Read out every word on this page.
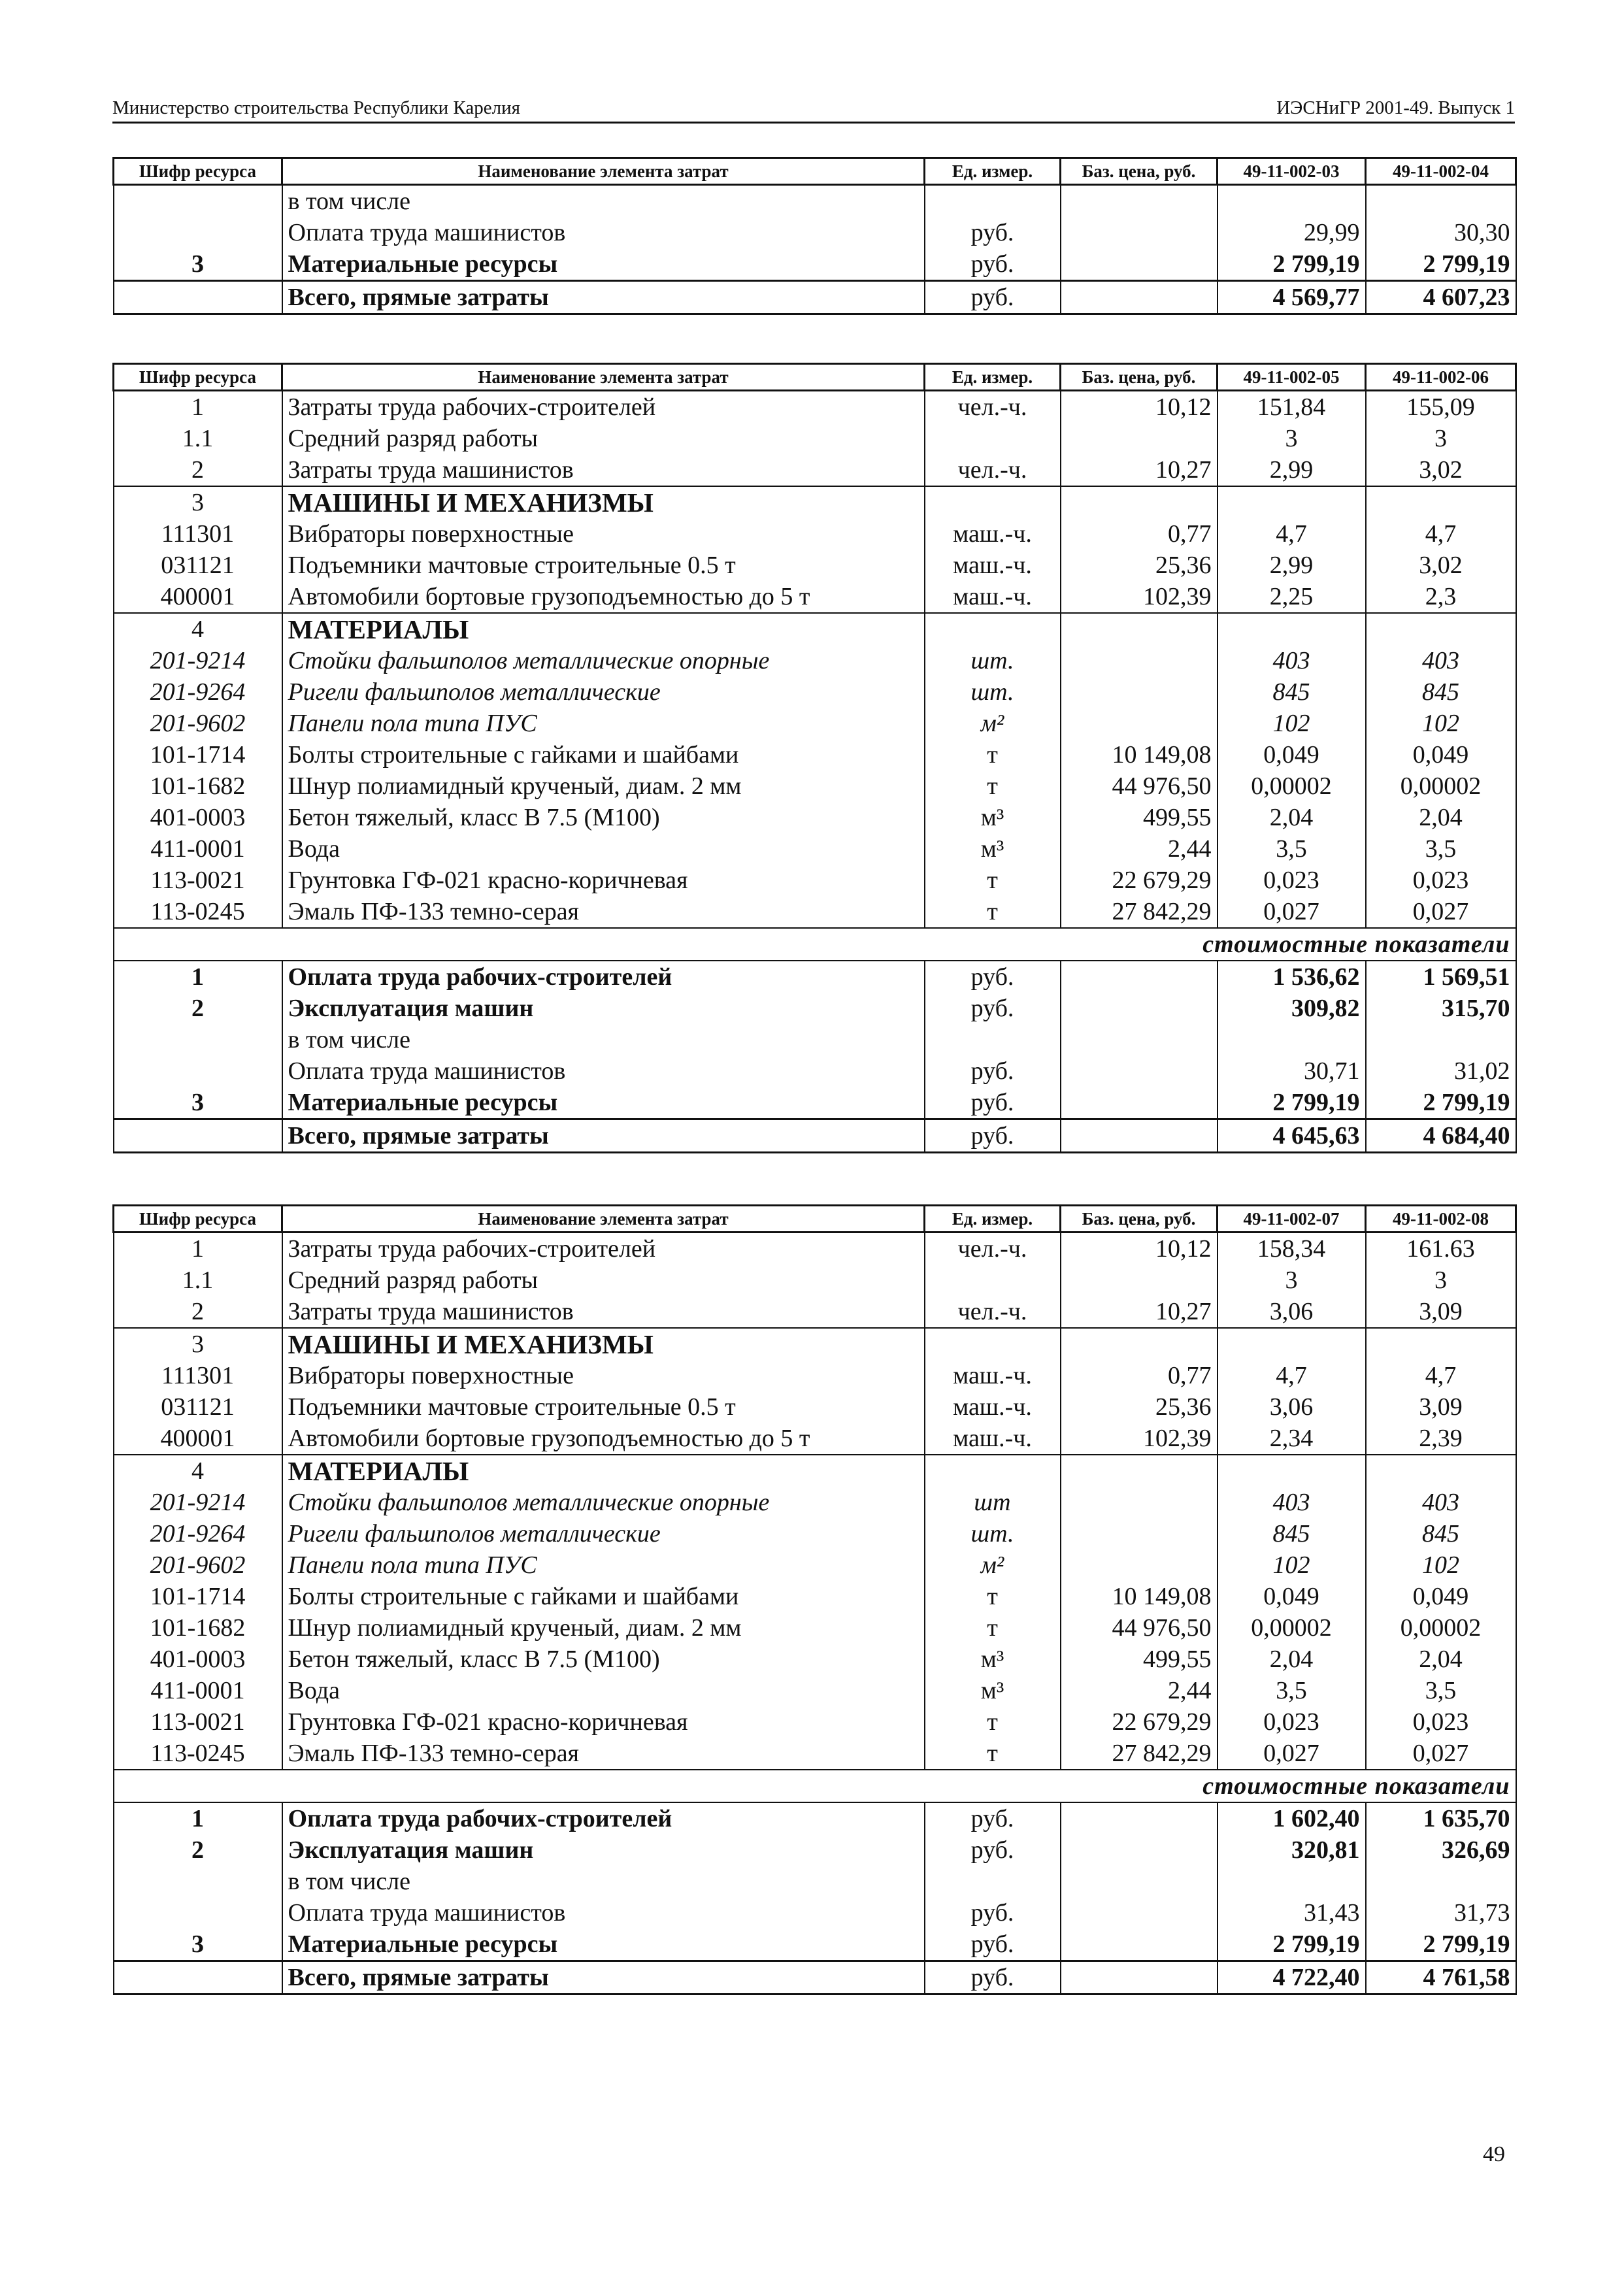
Министерство строительства Республики Карелия	ИЭСНиГР 2001-49. Выпуск 1
Шифр ресурса	Наименование элемента затрат	Ед. измер.	Баз. цена, руб.	49-11-002-03	49-11-002-04
	в том числе				
	Оплата труда машинистов	руб.		29,99	30,30
3	Материальные ресурсы	руб.		2 799,19	2 799,19
	Всего, прямые затраты	руб.		4 569,77	4 607,23
Шифр ресурса	Наименование элемента затрат	Ед. измер.	Баз. цена, руб.	49-11-002-05	49-11-002-06
1	Затраты труда рабочих-строителей	чел.-ч.	10,12	151,84	155,09
1.1	Средний разряд работы			3	3
2	Затраты труда машинистов	чел.-ч.	10,27	2,99	3,02
3	МАШИНЫ И МЕХАНИЗМЫ				
111301	Вибраторы поверхностные	маш.-ч.	0,77	4,7	4,7
031121	Подъемники мачтовые строительные 0.5 т	маш.-ч.	25,36	2,99	3,02
400001	Автомобили бортовые грузоподъемностью до 5 т	маш.-ч.	102,39	2,25	2,3
4	МАТЕРИАЛЫ				
201-9214	Стойки фальшполов металлические опорные	шт.		403	403
201-9264	Ригели фальшполов металлические	шт.		845	845
201-9602	Панели пола типа ПУС	м²		102	102
101-1714	Болты строительные с гайками и шайбами	т	10 149,08	0,049	0,049
101-1682	Шнур полиамидный крученый, диам. 2 мм	т	44 976,50	0,00002	0,00002
401-0003	Бетон тяжелый, класс В 7.5 (М100)	м³	499,55	2,04	2,04
411-0001	Вода	м³	2,44	3,5	3,5
113-0021	Грунтовка ГФ-021 красно-коричневая	т	22 679,29	0,023	0,023
113-0245	Эмаль ПФ-133 темно-серая	т	27 842,29	0,027	0,027
стоимостные показатели					
1	Оплата труда рабочих-строителей	руб.		1 536,62	1 569,51
2	Эксплуатация машин	руб.		309,82	315,70
	в том числе				
	Оплата труда машинистов	руб.		30,71	31,02
3	Материальные ресурсы	руб.		2 799,19	2 799,19
	Всего, прямые затраты	руб.		4 645,63	4 684,40
Шифр ресурса	Наименование элемента затрат	Ед. измер.	Баз. цена, руб.	49-11-002-07	49-11-002-08
1	Затраты труда рабочих-строителей	чел.-ч.	10,12	158,34	161.63
1.1	Средний разряд работы			3	3
2	Затраты труда машинистов	чел.-ч.	10,27	3,06	3,09
3	МАШИНЫ И МЕХАНИЗМЫ				
111301	Вибраторы поверхностные	маш.-ч.	0,77	4,7	4,7
031121	Подъемники мачтовые строительные 0.5 т	маш.-ч.	25,36	3,06	3,09
400001	Автомобили бортовые грузоподъемностью до 5 т	маш.-ч.	102,39	2,34	2,39
4	МАТЕРИАЛЫ				
201-9214	Стойки фальшполов металлические опорные	шт		403	403
201-9264	Ригели фальшполов металлические	шт.		845	845
201-9602	Панели пола типа ПУС	м²		102	102
101-1714	Болты строительные с гайками и шайбами	т	10 149,08	0,049	0,049
101-1682	Шнур полиамидный крученый, диам. 2 мм	т	44 976,50	0,00002	0,00002
401-0003	Бетон тяжелый, класс В 7.5 (М100)	м³	499,55	2,04	2,04
411-0001	Вода	м³	2,44	3,5	3,5
113-0021	Грунтовка ГФ-021 красно-коричневая	т	22 679,29	0,023	0,023
113-0245	Эмаль ПФ-133 темно-серая	т	27 842,29	0,027	0,027
стоимостные показатели					
1	Оплата труда рабочих-строителей	руб.		1 602,40	1 635,70
2	Эксплуатация машин	руб.		320,81	326,69
	в том числе				
	Оплата труда машинистов	руб.		31,43	31,73
3	Материальные ресурсы	руб.		2 799,19	2 799,19
	Всего, прямые затраты	руб.		4 722,40	4 761,58
49
